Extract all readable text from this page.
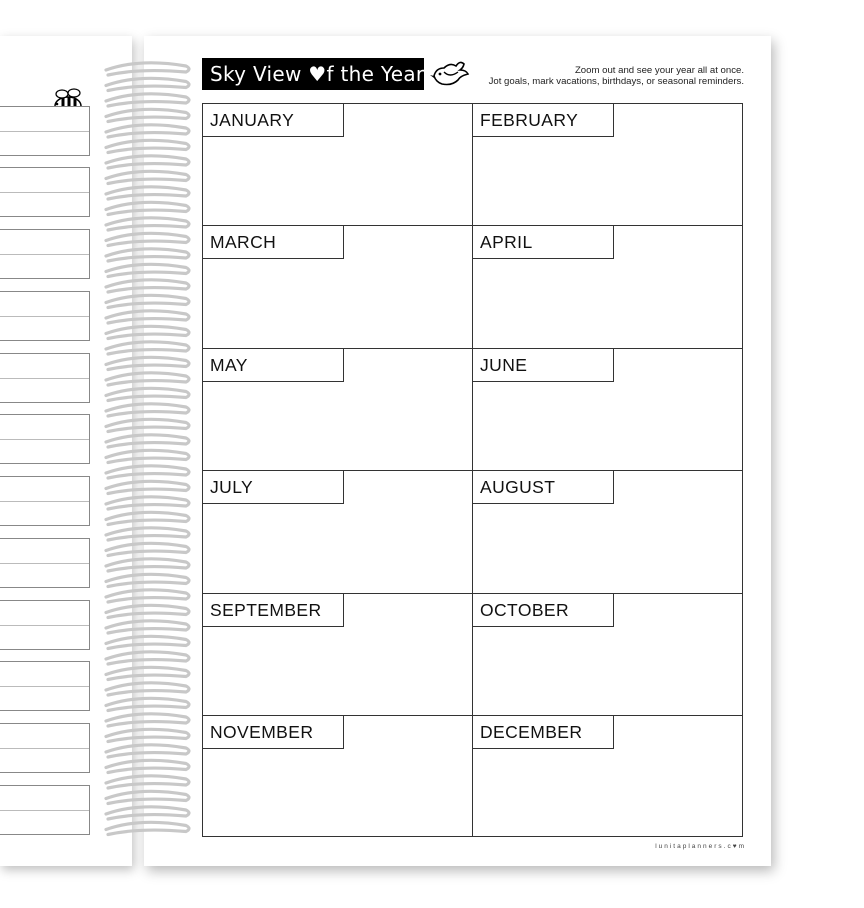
Sky View ♥f the Year	Zoom out and see your year all at once.
Jot goals, mark vacations, birthdays, or seasonal reminders.
JANUARY	FEBRUARY
MARCH	APRIL
MAY	JUNE
JULY	AUGUST
SEPTEMBER	OCTOBER
NOVEMBER	DECEMBER
lunitaplanners.c♥m
